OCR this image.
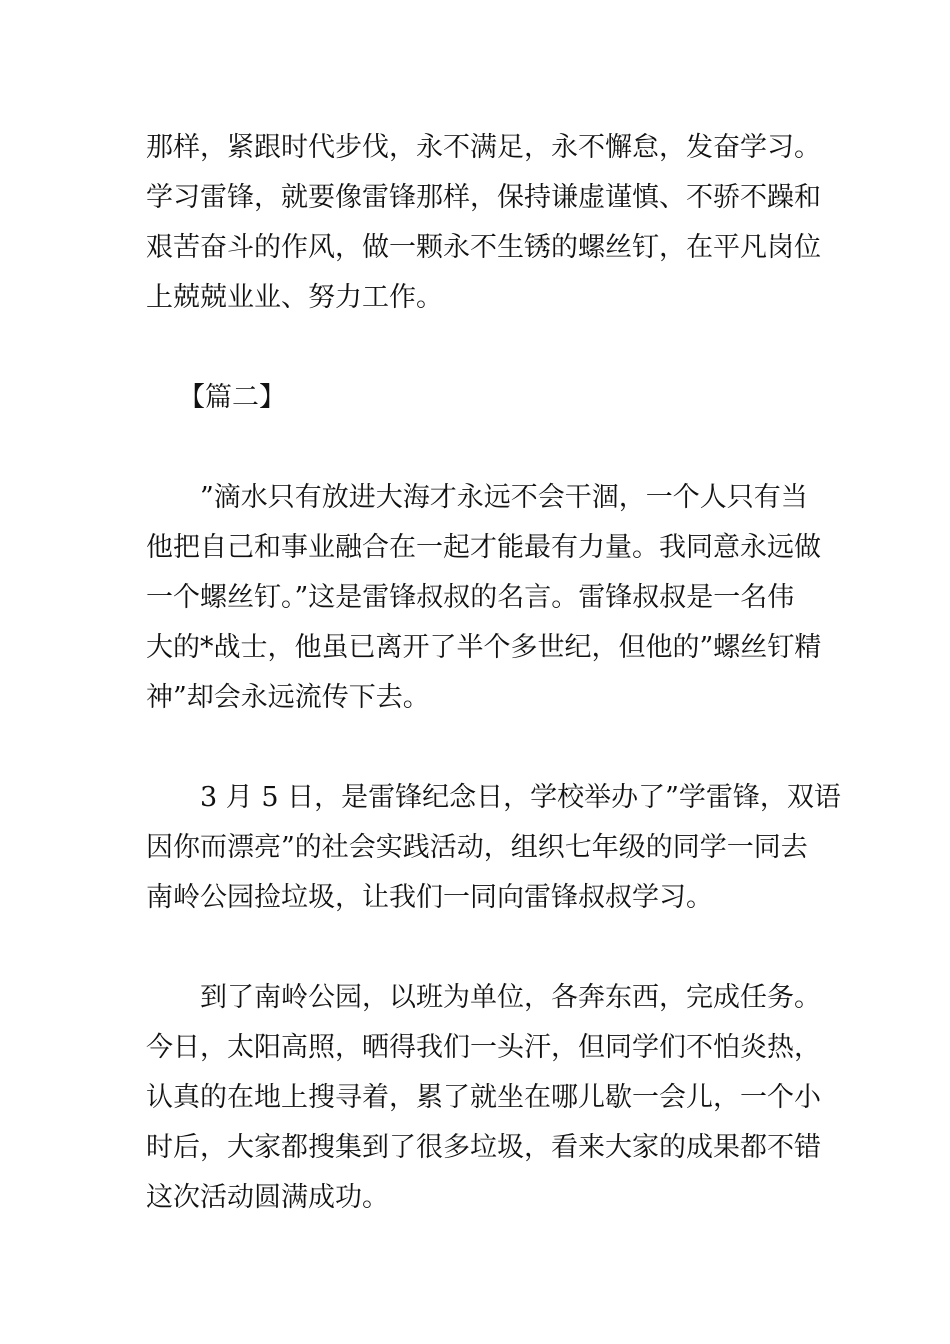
那样，紧跟时代步伐，永不满足，永不懈怠，发奋学习。
学习雷锋，就要像雷锋那样，保持谦虚谨慎、不骄不躁和
艰苦奋斗的作风，做一颗永不生锈的螺丝钉，在平凡岗位
上兢兢业业、努力工作。
【篇二】
”滴水只有放进大海才永远不会干涸，一个人只有当
他把自己和事业融合在一起才能最有力量。我同意永远做
一个螺丝钉。”这是雷锋叔叔的名言。雷锋叔叔是一名伟
大的*战士，他虽已离开了半个多世纪，但他的”螺丝钉精
神”却会永远流传下去。
3 月 5 日，是雷锋纪念日，学校举办了”学雷锋，双语
因你而漂亮”的社会实践活动，组织七年级的同学一同去
南岭公园捡垃圾，让我们一同向雷锋叔叔学习。
到了南岭公园，以班为单位，各奔东西，完成任务。
今日，太阳高照，晒得我们一头汗，但同学们不怕炎热，
认真的在地上搜寻着，累了就坐在哪儿歇一会儿，一个小
时后，大家都搜集到了很多垃圾，看来大家的成果都不错
这次活动圆满成功。
